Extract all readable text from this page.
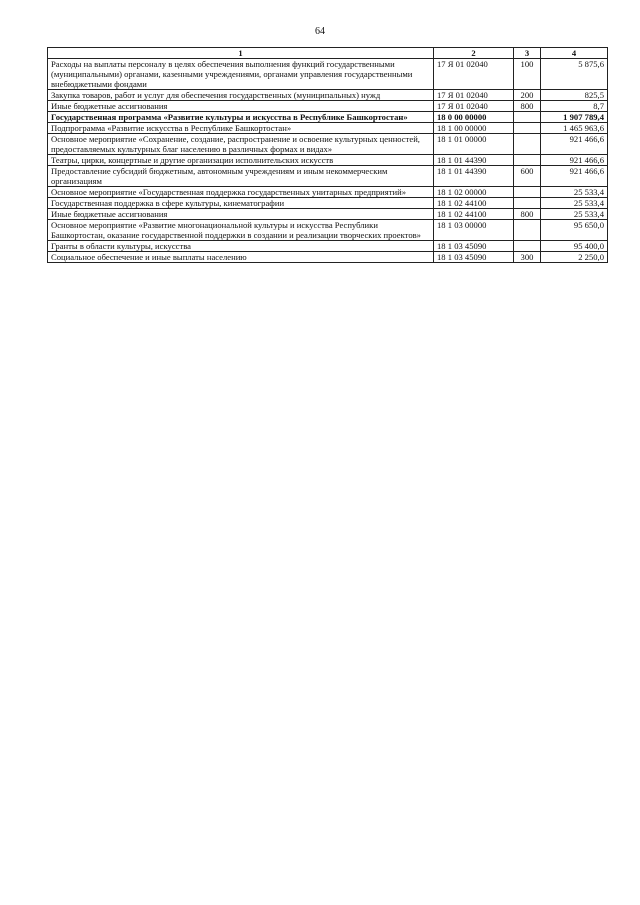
64
1	2	3	4
Расходы на выплаты персоналу в целях обеспечения выполнения функций государственными (муниципальными) органами, казенными учреждениями, органами управления государственными внебюджетными фондами	17 Я 01 02040	100	5 875,6
Закупка товаров, работ и услуг для обеспечения государственных (муниципальных) нужд	17 Я 01 02040	200	825,5
Иные бюджетные ассигнования	17 Я 01 02040	800	8,7
Государственная программа «Развитие культуры и искусства в Республике Башкортостан»	18 0 00 00000		1 907 789,4
Подпрограмма «Развитие искусства в Республике Башкортостан»	18 1 00 00000		1 465 963,6
Основное мероприятие «Сохранение, создание, распространение и освоение культурных ценностей, предоставляемых культурных благ населению в различных формах и видах»	18 1 01 00000		921 466,6
Театры, цирки, концертные и другие организации исполнительских искусств	18 1 01 44390		921 466,6
Предоставление субсидий бюджетным, автономным учреждениям и иным некоммерческим организациям	18 1 01 44390	600	921 466,6
Основное мероприятие «Государственная поддержка государственных унитарных предприятий»	18 1 02 00000		25 533,4
Государственная поддержка в сфере культуры, кинематографии	18 1 02 44100		25 533,4
Иные бюджетные ассигнования	18 1 02 44100	800	25 533,4
Основное мероприятие «Развитие многонациональной культуры и искусства Республики Башкортостан, оказание государственной поддержки в создании и реализации творческих проектов»	18 1 03 00000		95 650,0
Гранты в области культуры, искусства	18 1 03 45090		95 400,0
Социальное обеспечение и иные выплаты населению	18 1 03 45090	300	2 250,0
